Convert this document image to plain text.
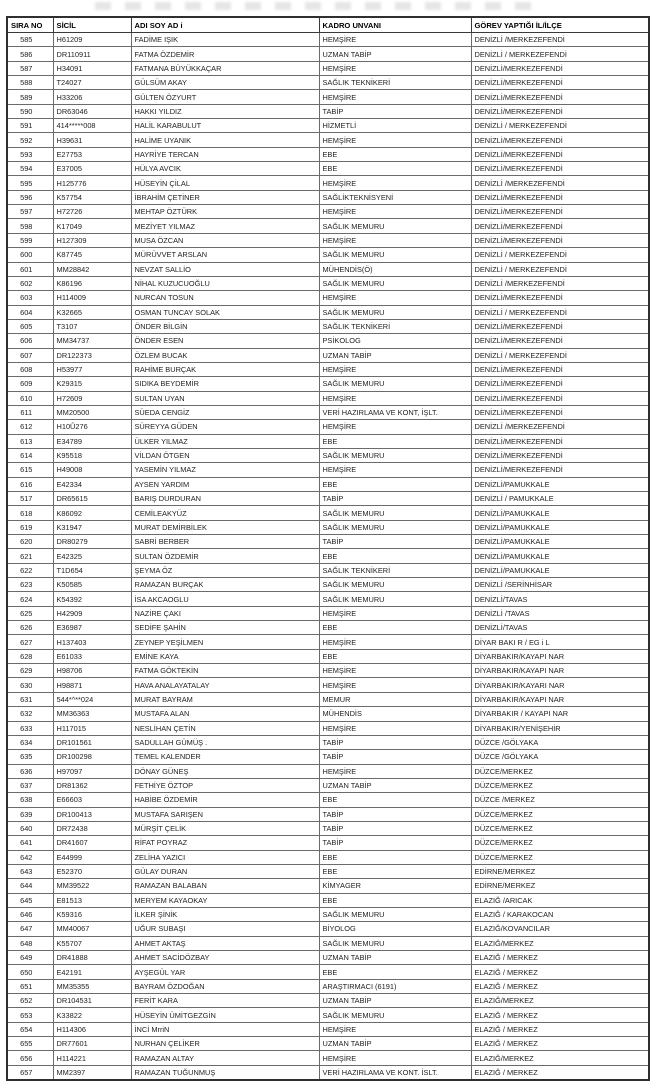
SIRA NO	SİCİL	ADI SOY AD i	KADRO UNVANI	GÖREV YAPTIĞI İL/İLÇE
585	H61209	FADİME IŞIK	HEMŞİRE	DENİZLİ /MERKEZEFENDİ
586	DR110911	FATMA ÖZDEMİR	UZMAN TABİP	DENİZLİ / MERKEZEFENDİ
587	H34091	FATMANA BÜYÜKKAÇAR	HEMŞİRE	DENİZLİ/MERKEZEFENDİ
588	T24027	GÜLSÜM AKAY	SAĞLIK TEKNİKERİ	DENİZLİ/MERKEZEFENDİ
589	H33206	GÜLTEN ÖZYURT	HEMŞİRE	DENİZLİ/MERKEZEFENDİ
590	DR63046	HAKKI YILDIZ	TABİP	DENİZLİ/MERKEZEFENDİ
591	414*****008	HALİL KARABULUT	HİZMETLİ	DENİZLİ / MERKEZEFENDİ
592	H39631	HALİME UYANIK	HEMŞİRE	DENİZLİ/MERKEZEFENDİ
593	E27753	HAYRİYE TERCAN	EBE	DENİZLİ/MERKEZEFENDİ
594	E37005	HÜLYA AVCIK	EBE	DENİZLİ/MERKEZEFENDİ
595	H125776	HÜSEYİN ÇİLAL	HEMŞİRE	DENİZLİ /MERKEZEFENDİ
596	K57754	İBRAHİM ÇETİNER	SAĞLİKTEKNİSYENİ	DENİZLİ/MERKEZEFENDİ
597	H72726	MEHTAP ÖZTÜRK	HEMŞİRE	DENİZLİ/MERKEZEFENDİ
598	K17049	MEZİYET YILMAZ	SAĞLIK MEMURU	DENİZLİ/MERKEZEFENDİ
599	H127309	MUSA ÖZCAN	HEMŞİRE	DENİZLİ/MERKEZEFENDİ
600	K87745	MÜRÜVVET ARSLAN	SAĞLIK MEMURU	DENİZLİ / MERKEZEFENDİ
601	MM28842	NEVZAT SALLİO	MÜHENDİS(Ö)	DENİZLİ / MERKEZEFENDİ
602	K86196	NİHAL KUZUCUOĞLU	SAĞLIK MEMURU	DENİZLİ /MERKEZEFENDİ
603	H114009	NURCAN TOSUN	HEMŞİRE	DENİZLİ/MERKEZEFENDİ
604	K32665	OSMAN TUNCAY SOLAK	SAĞLIK MEMURU	DENİZLİ / MERKEZEFENDİ
605	T3107	ÖNDER BİLGİN	SAĞLIK TEKNİKERİ	DENİZLİ/MERKEZEFENDİ
606	MM34737	ÖNDER ESEN	PSİKOLOG	DENİZLİ/MERKEZEFENDİ
607	DR122373	ÖZLEM BUCAK	UZMAN TABİP	DENİZLİ / MERKEZEFENDİ
608	H53977	RAHİME BURÇAK	HEMŞİRE	DENİZLİ/MERKEZEFENDİ
609	K29315	SIDIKA BEYDEMİR	SAĞLIK MEMURU	DENİZLİ/MERKEZEFENDİ
610	H72609	SULTAN UYAN	HEMŞİRE	DENİZLİ/MERKEZEFENDİ
611	MM20500	SÜEDA CENGİZ	VERİ HAZIRLAMA VE KONT, İŞLT.	DENİZLİ/MERKEZEFENDİ
612	H10Û276	SÜREYYA GÜDEN	HEMŞİRE	DENİZLİ /MERKEZEFENDİ
613	E34789	ÜLKER YILMAZ	EBE	DENİZLİ/MERKEZEFENDİ
614	K95518	VİLDAN ÖTGEN	SAĞLIK MEMURU	DENİZLİ/MERKEZEFENDİ
615	H49008	YASEMİN YILMAZ	HEMŞİRE	DENİZLİ/MERKEZEFENDİ
616	E42334	AYSEN YARDIM	EBE	DENİZLİ/PAMUKKALE
517	DR65615	BARIŞ DURDURAN	TABİP	DENİZLİ / PAMUKKALE
618	K86092	CEMİLEAKYÜZ	SAĞLIK MEMURU	DENİZLİ/PAMUKKALE
619	K31947	MURAT DEMİRBİLEK	SAĞLIK MEMURU	DENİZLİ/PAMUKKALE
620	DR80279	SABRİ BERBER	TABİP	DENİZLİ/PAMUKKALE
621	E42325	SULTAN ÖZDEMİR	EBE	DENİZLİ/PAMUKKALE
622	T1D654	ŞEYMA ÖZ	SAĞLIK TEKNİKERİ	DENİZLİ/PAMUKKALE
623	K50585	RAMAZAN BURÇAK	SAĞLIK MEMURU	DENİZLİ /SERİNHİSAR
624	K54392	İSA AKCAOGLU	SAĞLIK MEMURU	DENİZLİ/TAVAS
625	H42909	NAZİRE ÇAKI	HEMŞİRE	DENİZLİ /TAVAS
626	E36987	SEDİFE ŞAHİN	EBE	DENİZLİ/TAVAS
627	H137403	ZEYNEP YEŞİLMEN	HEMŞİRE	DİYAR BAKI R / EG i L
628	E61033	EMİNE KAYA	EBE	DİYARBAKIR/KAYAPI NAR
629	H98706	FATMA GÖKTEKİN	HEMŞİRE	DİYARBAKIR/KAYAPI NAR
630	H98871	HAVA ANALAYATALAY	HEMŞİRE	DİYARBAKIR/KAYARI NAR
631	544*^**024	MURAT BAYRAM	MEMUR	DİYARBAKIR/KAYAPI NAR
632	MM36363	MUSTAFA ALAN	MÜHENDİS	DİYARBAKIR / KAYAPI NAR
633	H117015	NESLİHAN ÇETİN	HEMŞİRE	DİYARBAKIR/YENİŞEHİR
634	DR101561	SADULLAH GÜMÜŞ .	TABİP	DÜZCE /GÖLYAKA
635	DR100298	TEMEL KALENDER	TABİP	DÜZCE /GÖLYAKA
636	H97097	DÖNAY GÜNEŞ	HEMŞİRE	DÜZCE/MERKEZ
637	DR81362	FETHİYE ÖZTOP	UZMAN TABİP	DÜZCE/MERKEZ
638	E66603	HABİBE ÖZDEMİR	EBE	DÜZCE /MERKEZ
639	DR100413	MUSTAFA SARIŞEN	TABİP	DÜZCE/MERKEZ
640	DR72438	MÜRŞİT ÇELİK	TABİP	DÜZCE/MERKEZ
641	DR41607	RİFAT POYRAZ	TABİP	DÜZCE/MERKEZ
642	E44999	ZELİHA YAZICI	EBE	DÜZCE/MERKEZ
643	E52370	GÜLAY DURAN	EBE	EDİRNE/MERKEZ
644	MM39522	RAMAZAN BALABAN	KİMYAGER	EDİRNE/MERKEZ
645	E81513	MERYEM KAYAOKAY	EBE	ELAZIĞ /ARICAK
646	K59316	İLKER ŞİNİK	SAĞLIK MEMURU	ELAZIĞ / KARAKOCAN
647	MM40067	UĞUR SUBAŞI	BİYOLOG	ELAZIĞ/KOVANCILAR
648	K55707	AHMET AKTAŞ	SAĞLIK MEMURU	ELAZIĞ/MERKEZ
649	DR41888	AHMET SACİDÖZBAY	UZMAN TABİP	ELAZIĞ / MERKEZ
650	E42191	AYŞEGÜL YAR	EBE	ELAZIĞ / MERKEZ
651	MM35355	BAYRAM ÖZDOĞAN	ARAŞTIRMACI (6191)	ELAZIĞ / MERKEZ
652	DR104531	FERİT KARA	UZMAN TABİP	ELAZIĞ/MERKEZ
653	K33822	HÜSEYİN ÜMİTGEZGİN	SAĞLIK MEMURU	ELAZIĞ / MERKEZ
654	H114306	İNCİ MrriN	HEMŞİRE	ELAZIĞ / MERKEZ
655	DR77601	NURHAN ÇELİKER	UZMAN TABİP	ELAZIĞ / MERKEZ
656	H114221	RAMAZAN ALTAY	HEMŞİRE	ELAZIĞ/MERKEZ
657	MM2397	RAMAZAN TUĞUNMUŞ	VERİ HAZIRLAMA VE KONT. İSLT.	ELAZIĞ / MERKEZ
